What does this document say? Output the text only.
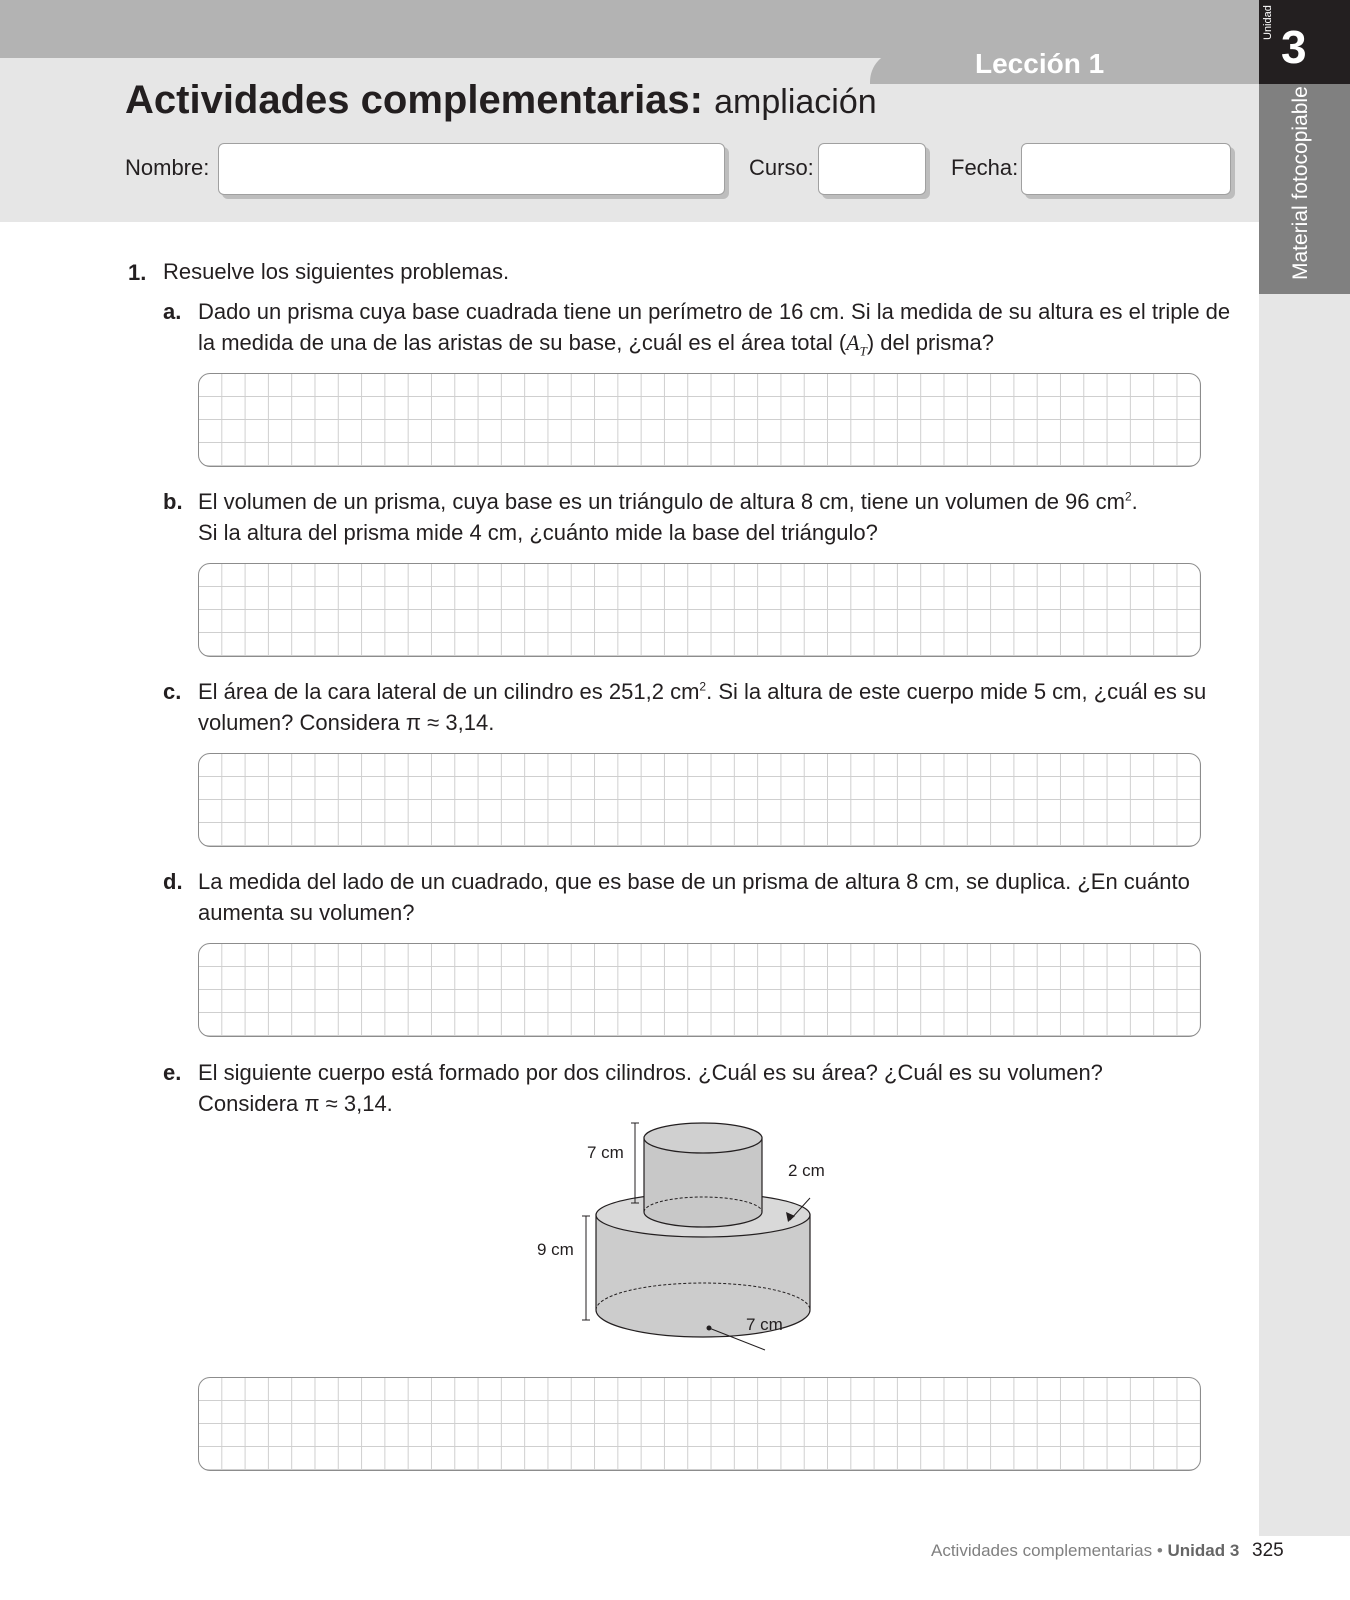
Lección 1
Actividades complementarias: ampliación
Nombre:	Curso:	Fecha:
Unidad 3
Material fotocopiable
1. Resuelve los siguientes problemas.
a. Dado un prisma cuya base cuadrada tiene un perímetro de 16 cm. Si la medida de su altura es el triple de
la medida de una de las aristas de su base, ¿cuál es el área total $(A_T)$ del prisma?
b. El volumen de un prisma, cuya base es un triángulo de altura 8 cm, tiene un volumen de 96 $cm^2$.
Si la altura del prisma mide 4 cm, ¿cuánto mide la base del triángulo?
c. El área de la cara lateral de un cilindro es 251,2 $cm^2$. Si la altura de este cuerpo mide 5 cm, ¿cuál es su
volumen? Considera π ≈ 3,14.
d. La medida del lado de un cuadrado, que es base de un prisma de altura 8 cm, se duplica. ¿En cuánto
aumenta su volumen?
e. El siguiente cuerpo está formado por dos cilindros. ¿Cuál es su área? ¿Cuál es su volumen?
Considera π ≈ 3,14.
7 cm
2 cm
9 cm
7 cm
Actividades complementarias • Unidad 3 325
